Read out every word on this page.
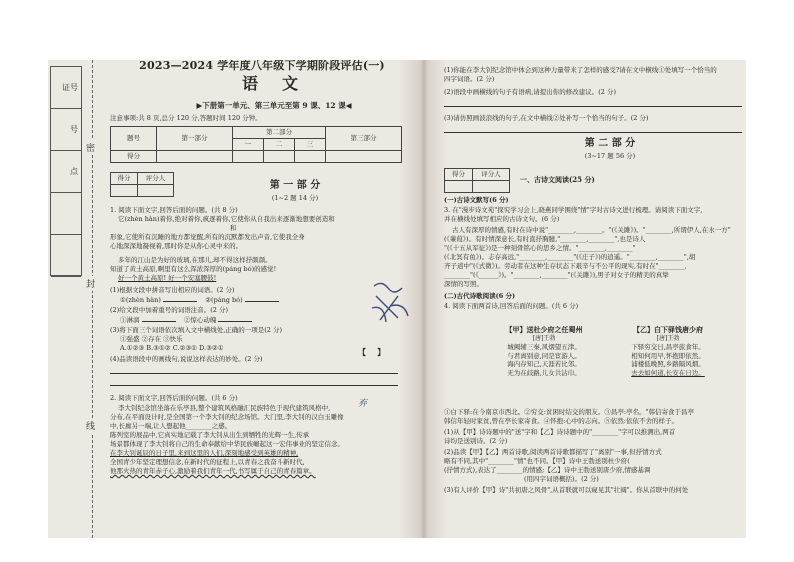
证号
号
点
密
封
线
2023—2024 学年度八年级下学期阶段评估(一)
语文
▶下册第一单元、第三单元至第 9 课、12 课◀
注意事项:共 8 页,总分 120 分,答题时间 120 分钟。
题号	第一部分	第二部分			第三部分
		一	二	三	
得分					
得分	评分人

第 一 部 分
(1~2 题 14 分)
1. 阅读下面文字,回答后面的问题。(共 8 分)
它(zhèn hàn)着你,绝对着你,疯逐着你,它使你从自我出来逐渐地想要创造和
和
形象,它使所有沉睡的地方都觉醒,所有的沉默都发出声音,它使我全身
心地深深地凝视着,那时你是从你心灵中来的。
多年的江山是为好的玻璃,在那儿,却不得这样抒颜颜。
知道了黄土高原,啊里有这么浑浓浑厚的(páng bó)的感觉!
好一个黄土高原! 好一个安塞腰鼓!
(1)根据文段中拼音写出相应的词语。(2 分)
①(zhèn hàn)	②(páng bó)
(2)给文段中加着重号的词语注音。(2 分)
①淋漓	②惊心动魄
(3)将下面三个词语依次填入文中横线处,正确的一项是(2 分)
①强盛 ②存在 ③快乐
A.①②③ B.③①② C.②③① D.③②①	【    】
(4)品读语段中的画线句,说说这样表达的妙处。(2 分)
2. 阅读下面文字,回答后面的问题。(共 6 分)
李大钊纪念馆坐落在乐亭县,整个建筑风格融汇民族特色于现代建筑风格中,
分布,在平面设计时,是全国第一个李大钊的纪念场馆。大门里,李大钊的汉白玉雕像
中,长廊另一端,让人想起他________之感。
陈列室的展品中,它真实地记载了李大钊从出生到牺牲的光辉一生,传承
场景都体现了李大钊将自己的生命奉献给中华民族崛起这一宏伟事业的坚定信念。
在李大钊诞辰的日子里,来到这里的人们,深刻地感受到英雄的精神,
全国青少年坚定理想信念,在新时代的征程上,以青春之我奋斗新时代,
他那火热的青年赤子心,激励着我们青年一代,书写属于自己的青春篇章。
弃
(1)你能在李大钊纪念馆中体会到这种力量带来了怎样的感受?请在文中横线①处填写一个恰当的
四字词语。(2 分)
(2)语段中画横线的句子有语病,请提出你的修改建议。(2 分)
(3)请仿照画波浪线的句子,在文中横线②处补写一个恰当的句子。(2 分)
第 二 部 分
(3~17 题 56 分)
得分	评分人

一、古诗文阅读(25 分)
(一)古诗文默写(6 分)
3. 在"漫步诗文苑"探究学习会上,晓燕同学围绕"情"字对古诗文进行梳理。请阅读下面文字,
并在横线处填写相应的古诗文句。(6 分)
古人有深厚的情感,有时在诗中说"________,________。"(《关雎》)。"________,所谓伊人,在水一方"
(《蒹葭》)。有时情深意长,有时直抒胸臆,"________,________",也是诗人
"(《十五从军征》)是一种刻骨铭心的思乡之情。"________,________"
(《北冥有鱼》)。志存高远,"________,________"(《庄子》)的逍遥。"________,________",胡
齐子道中"(《式微》)。劳动者在这种生存状态下艰辛与不公平的现实,有时在"________,
________"(《______》)。"________,________"(《关雎》),男子对女子的精美的真挚
深情的写照。
(二)古代诗歌阅读(6 分)
4. 阅读下面两首诗,回答后面的问题。(共 6 分)
【甲】送杜少府之任蜀州
[唐]王勃
城阙辅三秦,风烟望五津。
与君离别意,同是宦游人。
海内存知己,天涯若比邻。
无为在歧路,儿女共沾巾。
【乙】白下驿饯唐少府
[唐]王勃
下驿穷交日,昌亭旅食年。
相知何用早,怀抱即依然。
浦楼低晚照,乡路隔风烟。
去去如何道,长安在日边。
①白下驿:在今南京市西北。②穷交:贫困时结交的朋友。③昌亭:亭名。"韩信寄食于昌亭
韩信年轻时家贫,曾在亭长家寄食。④怀抱:心中的志向。⑤依然:依依不舍的样子。
(1)从【甲】诗诗题中的"送"字和【乙】诗诗题中的"________"字可以推测出,两首
诗均是送别诗。(2 分)
(2)品读【甲】【乙】两首诗歌,阅读两首诗歌都描写了"离别"一事,但抒情方式
略有不同,其中"________"情"也不同。【甲】诗中王勃送别杜少府(
(抒情方式),表达了________的情感;【乙】诗中王勃送别唐少府,情感基调
(用四字词语概括)。(2 分)
(3)有人评价【甲】诗"共初唐之风骨",从首联就可以窥见其"壮阔"。你从首联中的何处
